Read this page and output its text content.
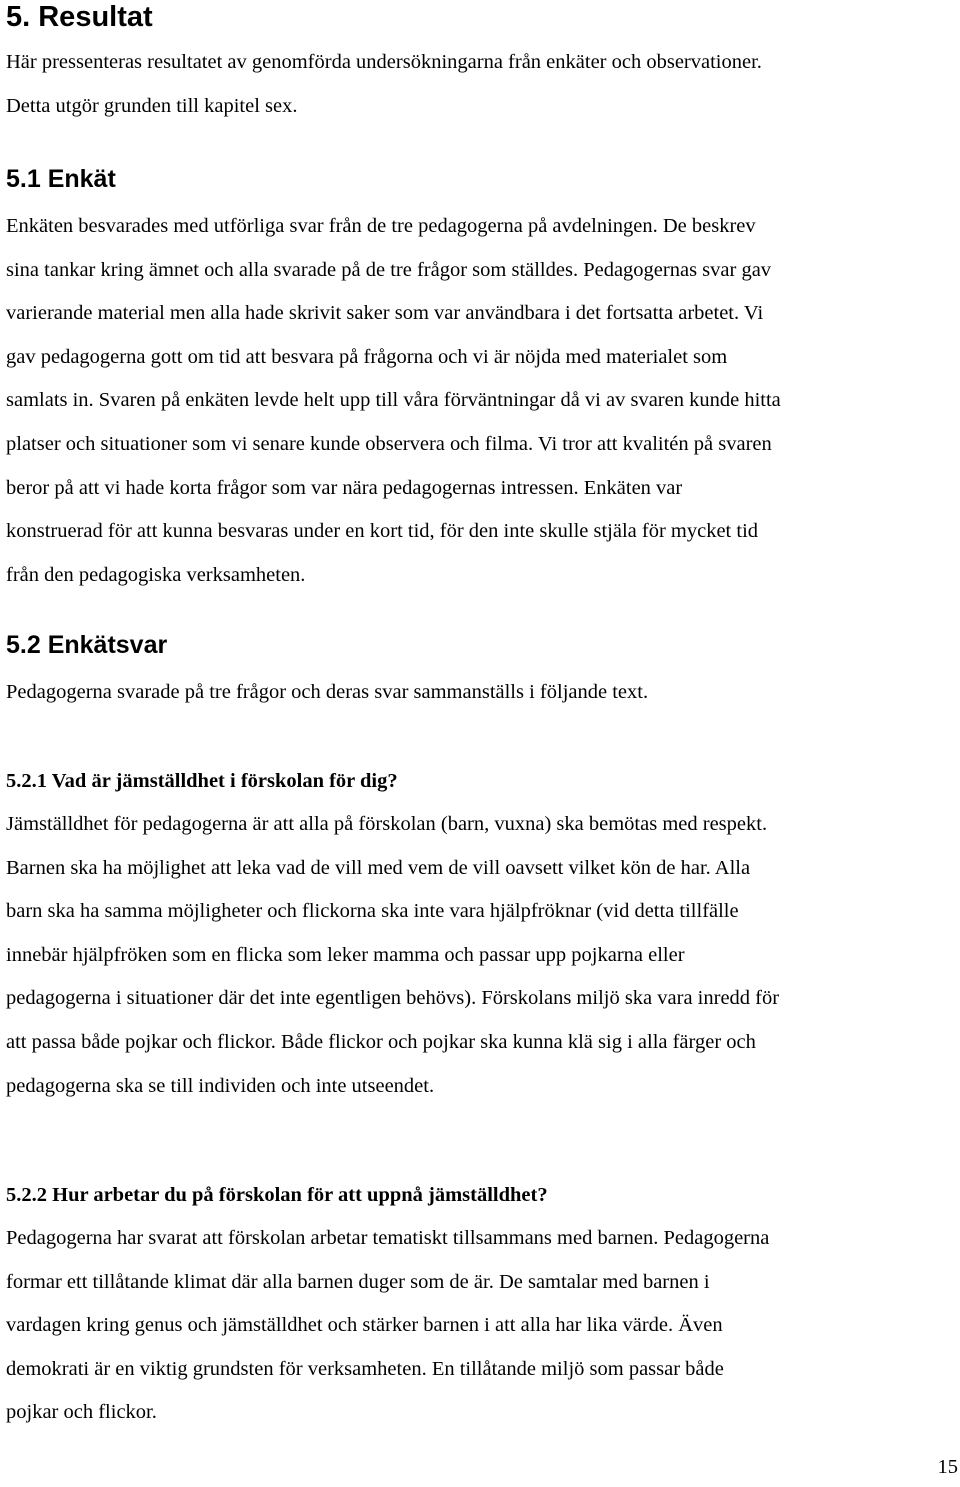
5. Resultat
Här pressenteras resultatet av genomförda undersökningarna från enkäter och observationer.
Detta utgör grunden till kapitel sex.
5.1 Enkät
Enkäten besvarades med utförliga svar från de tre pedagogerna på avdelningen. De beskrev
sina tankar kring ämnet och alla svarade på de tre frågor som ställdes. Pedagogernas svar gav
varierande material men alla hade skrivit saker som var användbara i det fortsatta arbetet. Vi
gav pedagogerna gott om tid att besvara på frågorna och vi är nöjda med materialet som
samlats in. Svaren på enkäten levde helt upp till våra förväntningar då vi av svaren kunde hitta
platser och situationer som vi senare kunde observera och filma. Vi tror att kvalitén på svaren
beror på att vi hade korta frågor som var nära pedagogernas intressen. Enkäten var
konstruerad för att kunna besvaras under en kort tid, för den inte skulle stjäla för mycket tid
från den pedagogiska verksamheten.
5.2 Enkätsvar
Pedagogerna svarade på tre frågor och deras svar sammanställs i följande text.
5.2.1 Vad är jämställdhet i förskolan för dig?
Jämställdhet för pedagogerna är att alla på förskolan (barn, vuxna) ska bemötas med respekt.
Barnen ska ha möjlighet att leka vad de vill med vem de vill oavsett vilket kön de har. Alla
barn ska ha samma möjligheter och flickorna ska inte vara hjälpfröknar (vid detta tillfälle
innebär hjälpfröken som en flicka som leker mamma och passar upp pojkarna eller
pedagogerna i situationer där det inte egentligen behövs). Förskolans miljö ska vara inredd för
att passa både pojkar och flickor. Både flickor och pojkar ska kunna klä sig i alla färger och
pedagogerna ska se till individen och inte utseendet.
5.2.2 Hur arbetar du på förskolan för att uppnå jämställdhet?
Pedagogerna har svarat att förskolan arbetar tematiskt tillsammans med barnen. Pedagogerna
formar ett tillåtande klimat där alla barnen duger som de är. De samtalar med barnen i
vardagen kring genus och jämställdhet och stärker barnen i att alla har lika värde. Även
demokrati är en viktig grundsten för verksamheten. En tillåtande miljö som passar både
pojkar och flickor.
15
